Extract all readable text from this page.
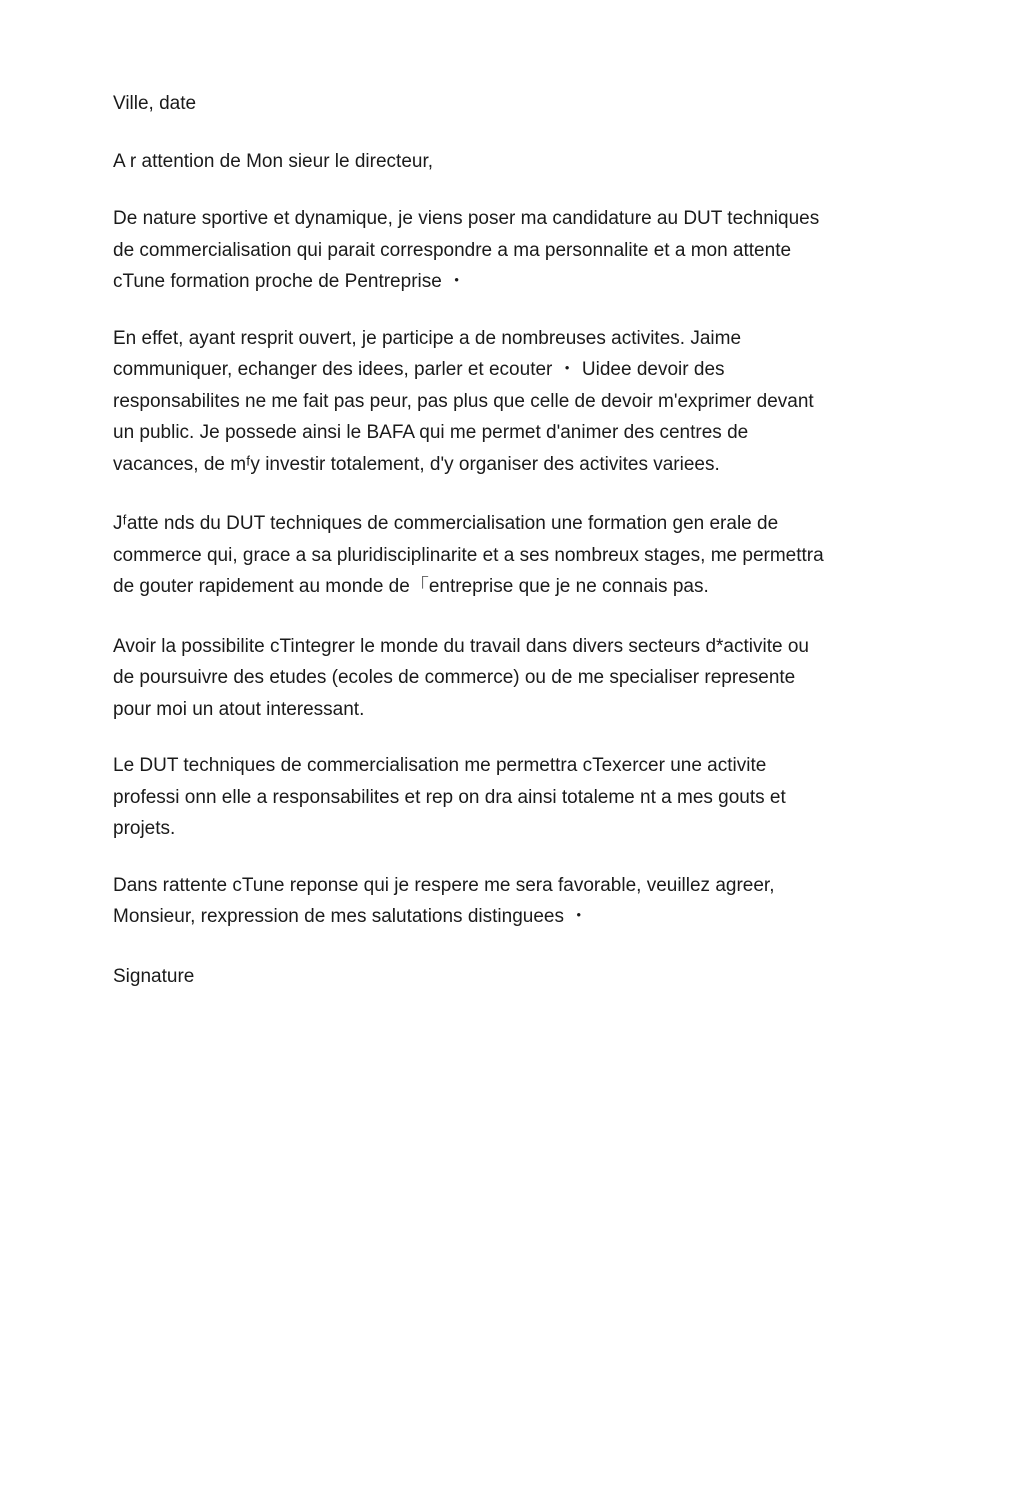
Ville, date
A r attention de Mon sieur le directeur,
De nature sportive et dynamique, je viens poser ma candidature au DUT techniques
de commercialisation qui parait correspondre a ma personnalite et a mon attente
cTune formation proche de Pentreprise ・
En effet, ayant resprit ouvert, je participe a de nombreuses activites. Jaime
communiquer, echanger des idees, parler et ecouter ・ Uidee devoir des
responsabilites ne me fait pas peur, pas plus que celle de devoir m'exprimer devant
un public. Je possede ainsi le BAFA qui me permet d'animer des centres de
vacances, de mᶠy investir totalement, d'y organiser des activites variees.
Jᶠatte nds du DUT techniques de commercialisation une formation gen erale de
commerce qui, grace a sa pluridisciplinarite et a ses nombreux stages, me permettra
de gouter rapidement au monde de「entreprise que je ne connais pas.
Avoir la possibilite cTintegrer le monde du travail dans divers secteurs d*activite ou
de poursuivre des etudes (ecoles de commerce) ou de me specialiser represente
pour moi un atout interessant.
Le DUT techniques de commercialisation me permettra cTexercer une activite
professi onn elle a responsabilites et rep on dra ainsi totaleme nt a mes gouts et
projets.
Dans rattente cTune reponse qui je respere me sera favorable, veuillez agreer,
Monsieur, rexpression de mes salutations distinguees ・
Signature
